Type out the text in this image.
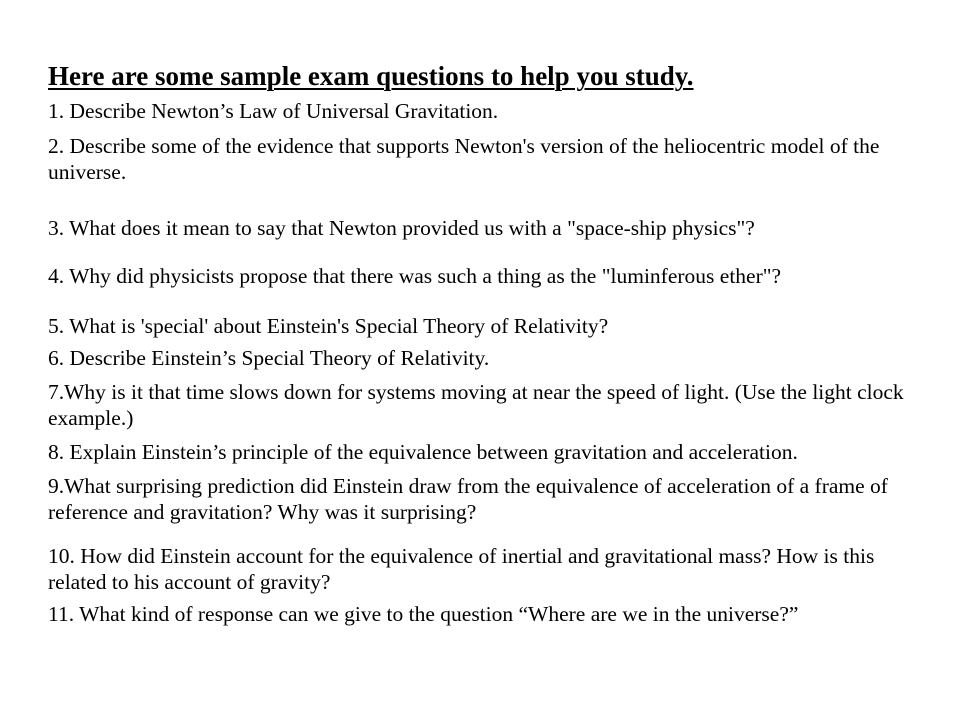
Here are some sample exam questions to help you study.
1. Describe Newton’s Law of Universal Gravitation.
2. Describe some of the evidence that supports Newton's version of the heliocentric model of the universe.
3. What does it mean to say that Newton provided us with a "space-ship physics"?
4. Why did physicists propose that there was such a thing as the "luminferous ether"?
5. What is 'special' about Einstein's Special Theory of Relativity?
6. Describe Einstein’s Special Theory of Relativity.
7.Why is it that time slows down for systems moving at near the speed of light. (Use the light clock example.)
8. Explain Einstein’s principle of the equivalence between gravitation and acceleration.
9.What surprising prediction did Einstein draw from the equivalence of acceleration of a frame of reference and gravitation? Why was it surprising?
10. How did Einstein account for the equivalence of inertial and gravitational mass? How is this related to his account of gravity?
11. What kind of response can we give to the question “Where are we in the universe?”
